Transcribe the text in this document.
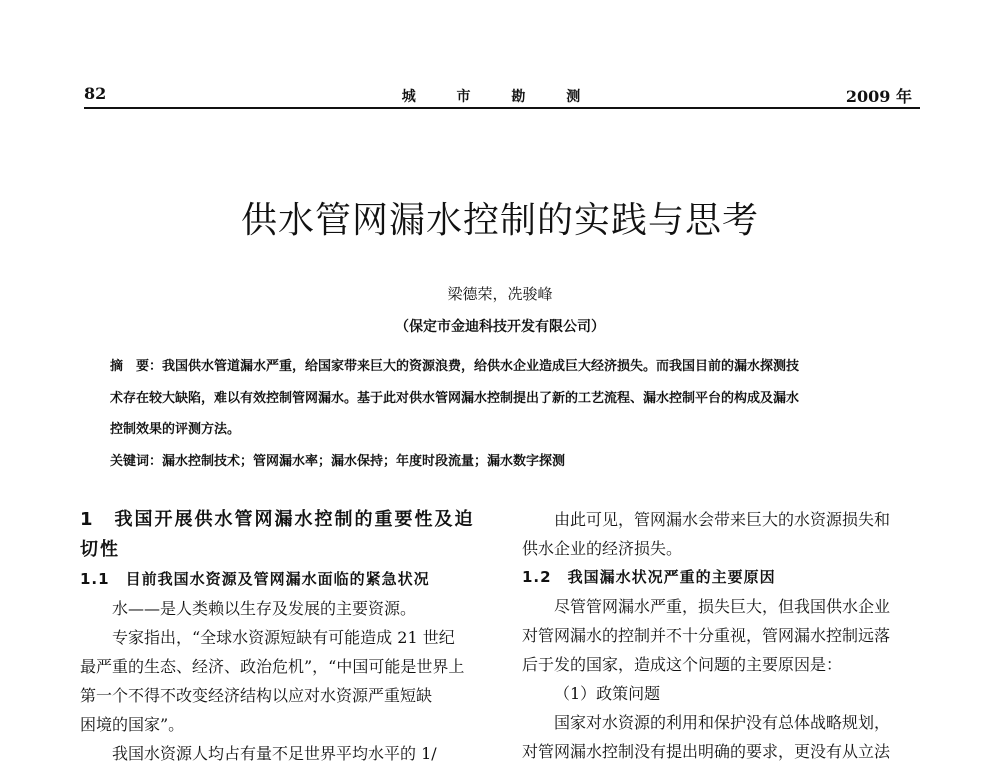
82	城 市 勘 测	2009 年
供水管网漏水控制的实践与思考
梁德荣，冼骏峰
（保定市金迪科技开发有限公司）
摘　要：我国供水管道漏水严重，给国家带来巨大的资源浪费，给供水企业造成巨大经济损失。而我国目前的漏水探测技
术存在较大缺陷，难以有效控制管网漏水。基于此对供水管网漏水控制提出了新的工艺流程、漏水控制平台的构成及漏水
控制效果的评测方法。
关键词：漏水控制技术；管网漏水率；漏水保持；年度时段流量；漏水数字探测
1　我国开展供水管网漏水控制的重要性及迫
切性
1.1　目前我国水资源及管网漏水面临的紧急状况
水——是人类赖以生存及发展的主要资源。
专家指出，“全球水资源短缺有可能造成 21 世纪
最严重的生态、经济、政治危机”，“中国可能是世界上
第一个不得不改变经济结构以应对水资源严重短缺
困境的国家”。
我国水资源人均占有量不足世界平均水平的 1/
由此可见，管网漏水会带来巨大的水资源损失和
供水企业的经济损失。
1.2　我国漏水状况严重的主要原因
尽管管网漏水严重，损失巨大，但我国供水企业
对管网漏水的控制并不十分重视，管网漏水控制远落
后于发的国家，造成这个问题的主要原因是：
（1）政策问题
国家对水资源的利用和保护没有总体战略规划，
对管网漏水控制没有提出明确的要求，更没有从立法
